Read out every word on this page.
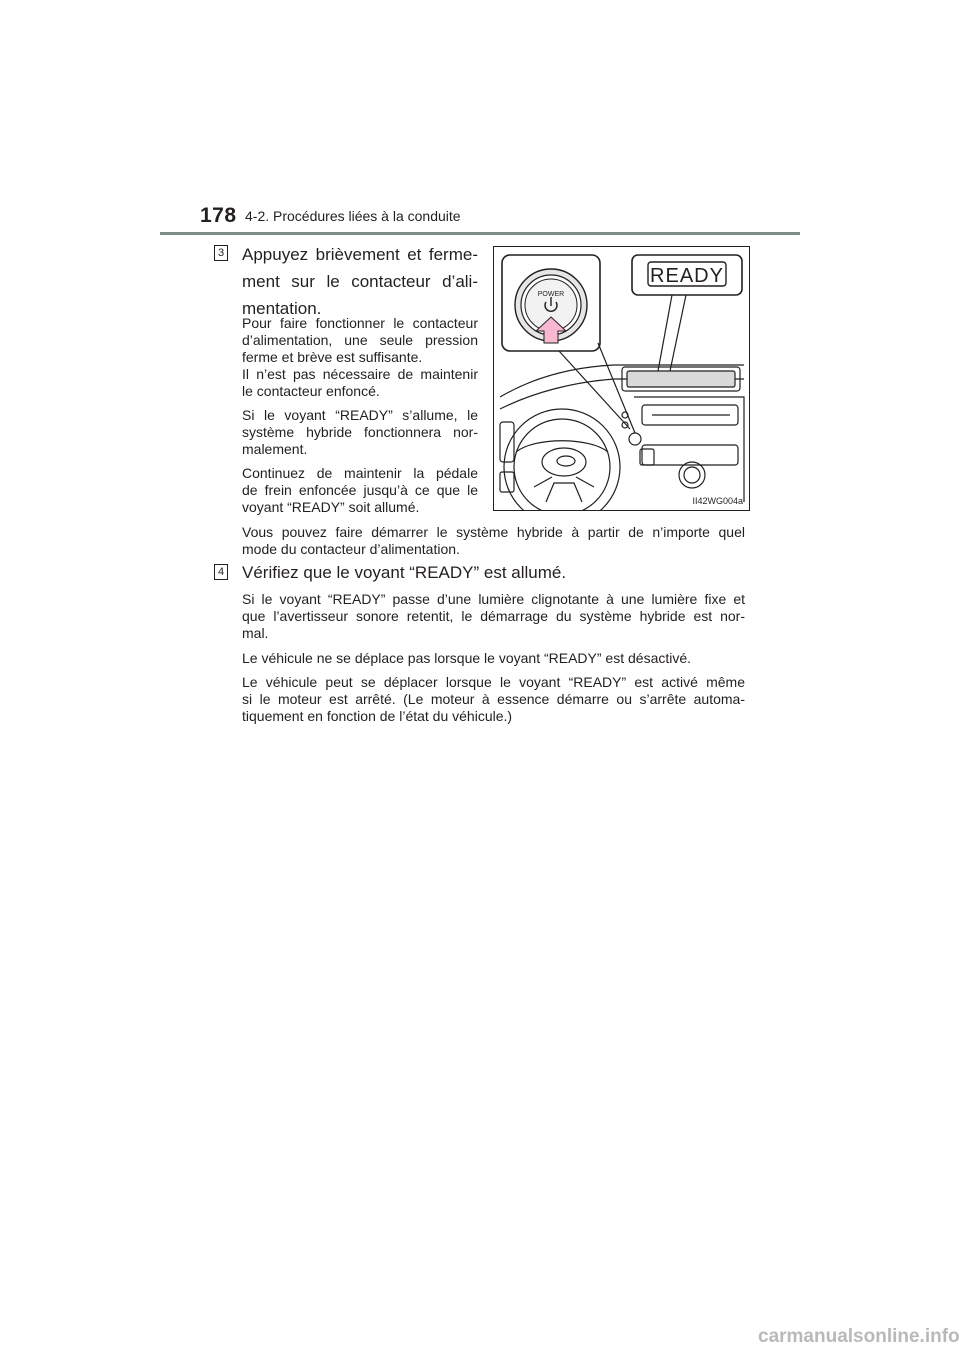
178 4-2. Procédures liées à la conduite
3 Appuyez brièvement et ferme-
ment sur le contacteur d’ali-
mentation.
Pour faire fonctionner le contacteur
d’alimentation, une seule pression
ferme et brève est suffisante.
Il n’est pas nécessaire de maintenir
le contacteur enfoncé.
Si le voyant “READY” s’allume, le
système hybride fonctionnera nor-
malement.
Continuez de maintenir la pédale
de frein enfoncée jusqu’à ce que le
voyant “READY” soit allumé.
Vous pouvez faire démarrer le système hybride à partir de n’importe quel
mode du contacteur d’alimentation.
POWER
READY
II42WG004a
4 Vérifiez que le voyant “READY” est allumé.
Si le voyant “READY” passe d’une lumière clignotante à une lumière fixe et
que l’avertisseur sonore retentit, le démarrage du système hybride est nor-
mal.
Le véhicule ne se déplace pas lorsque le voyant “READY” est désactivé.
Le véhicule peut se déplacer lorsque le voyant “READY” est activé même
si le moteur est arrêté. (Le moteur à essence démarre ou s’arrête automa-
tiquement en fonction de l’état du véhicule.)
carmanualsonline.info
